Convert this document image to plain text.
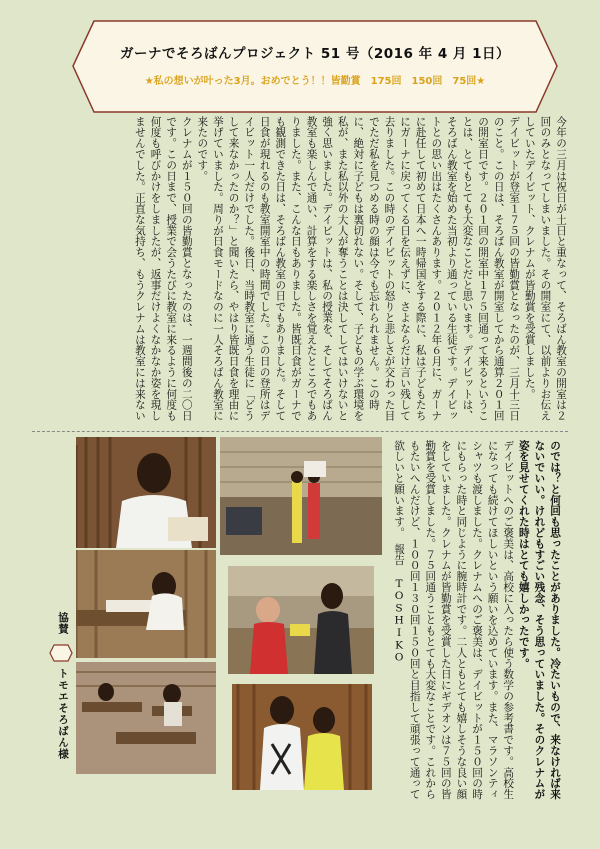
ガーナでそろばんプロジェクト 51 号（2016 年 4 月 1日）
★私の想いが叶った3月。おめでとう！！皆勤賞　175回　150回　75回★
今年の三月は祝日が土日と重なって、そろばん教室の開室は２回のみとなってしまいました。その開室にて、以前よりお伝えしていたデイビット、クレナムが皆勤賞を受賞しました。
デイビットが登室１７５回の皆勤賞となったのが、三月十三日のこと。この日は、そろばん教室が開室してから通算２０１回の開室日です。２０１回の開室中１７５回通って来るということは、とてもとても大変なことだと思います。デイビットは、そろばん教室を始めた当初より通っている生徒です。デイビットとの思い出はたくさんあります。２０１２年６月に、ガーナに赴任して初めて日本へ一時帰国をする際に、私は子どもたちにガーナに戻ってくる日を伝えずに、さよならだけ言い残して去りました。この時のデイビットの怒りと悲しさが交わった目でただ私を見つめる時の顔は今でも忘れられません。この時に、絶対に子どもは裏切れない。そして、子どもの学ぶ環境を私が、また私以外の大人が奪うことは決してしてはいけないと強く思いました。デイビットは、私の授業を、そしてそろばん教室も楽しんで通い、計算をする楽しさを覚えたところでもありました。また、こんな日もありました。皆既日食がガーナでも観測できた日は、そろばん教室の日でもありました。そして日食が現れるのも教室開室中の時間でした。この日の登所はデイビット一人だけでした。後日、当時教室に通う生徒に「どうして来なかったのか？」と聞いたら、やはり皆既日食を理由に挙げていました。周りが日食モードなのに一人そろばん教室に来たのです。
クレナムが１５０回の皆勤賞となったのは、一週間後の二〇日です。この日まで、授業で会うたびに教室に来るように何度も何度も呼びかけをしましたが、返事だけよくなかなか姿を現しませんでした。正直な気持ち、もうクレナムは教室には来ない
のでは？と何回も思ったことがありました。冷たいもので、来なければ来ないでいい。けれどもすごい残念、そう思っていました。そのクレナムが姿を見せてくれた時はとても嬉しかったです。
デイビットへのご褒美は、高校に入ったら使う数学の参考書です。高校生になっても続けてほしいという願いを込めています。また、マラソンティシャツも渡しました。クレナムへのご褒美は、デイビットが１５０回の時にもらった時と同じように腕時計です。二人ともとても嬉しそうな良い顔をしていました。クレナムが皆勤賞を受賞した日にギデオンは７５回の皆勤賞を受賞しました。７５回通うこともとても大変なことです。これからもたいへんだけど、１００回１３０回１５０回と目指して頑張って通って欲しいと願います。　報告 TOSHIKO
協賛
トモエそろばん様
